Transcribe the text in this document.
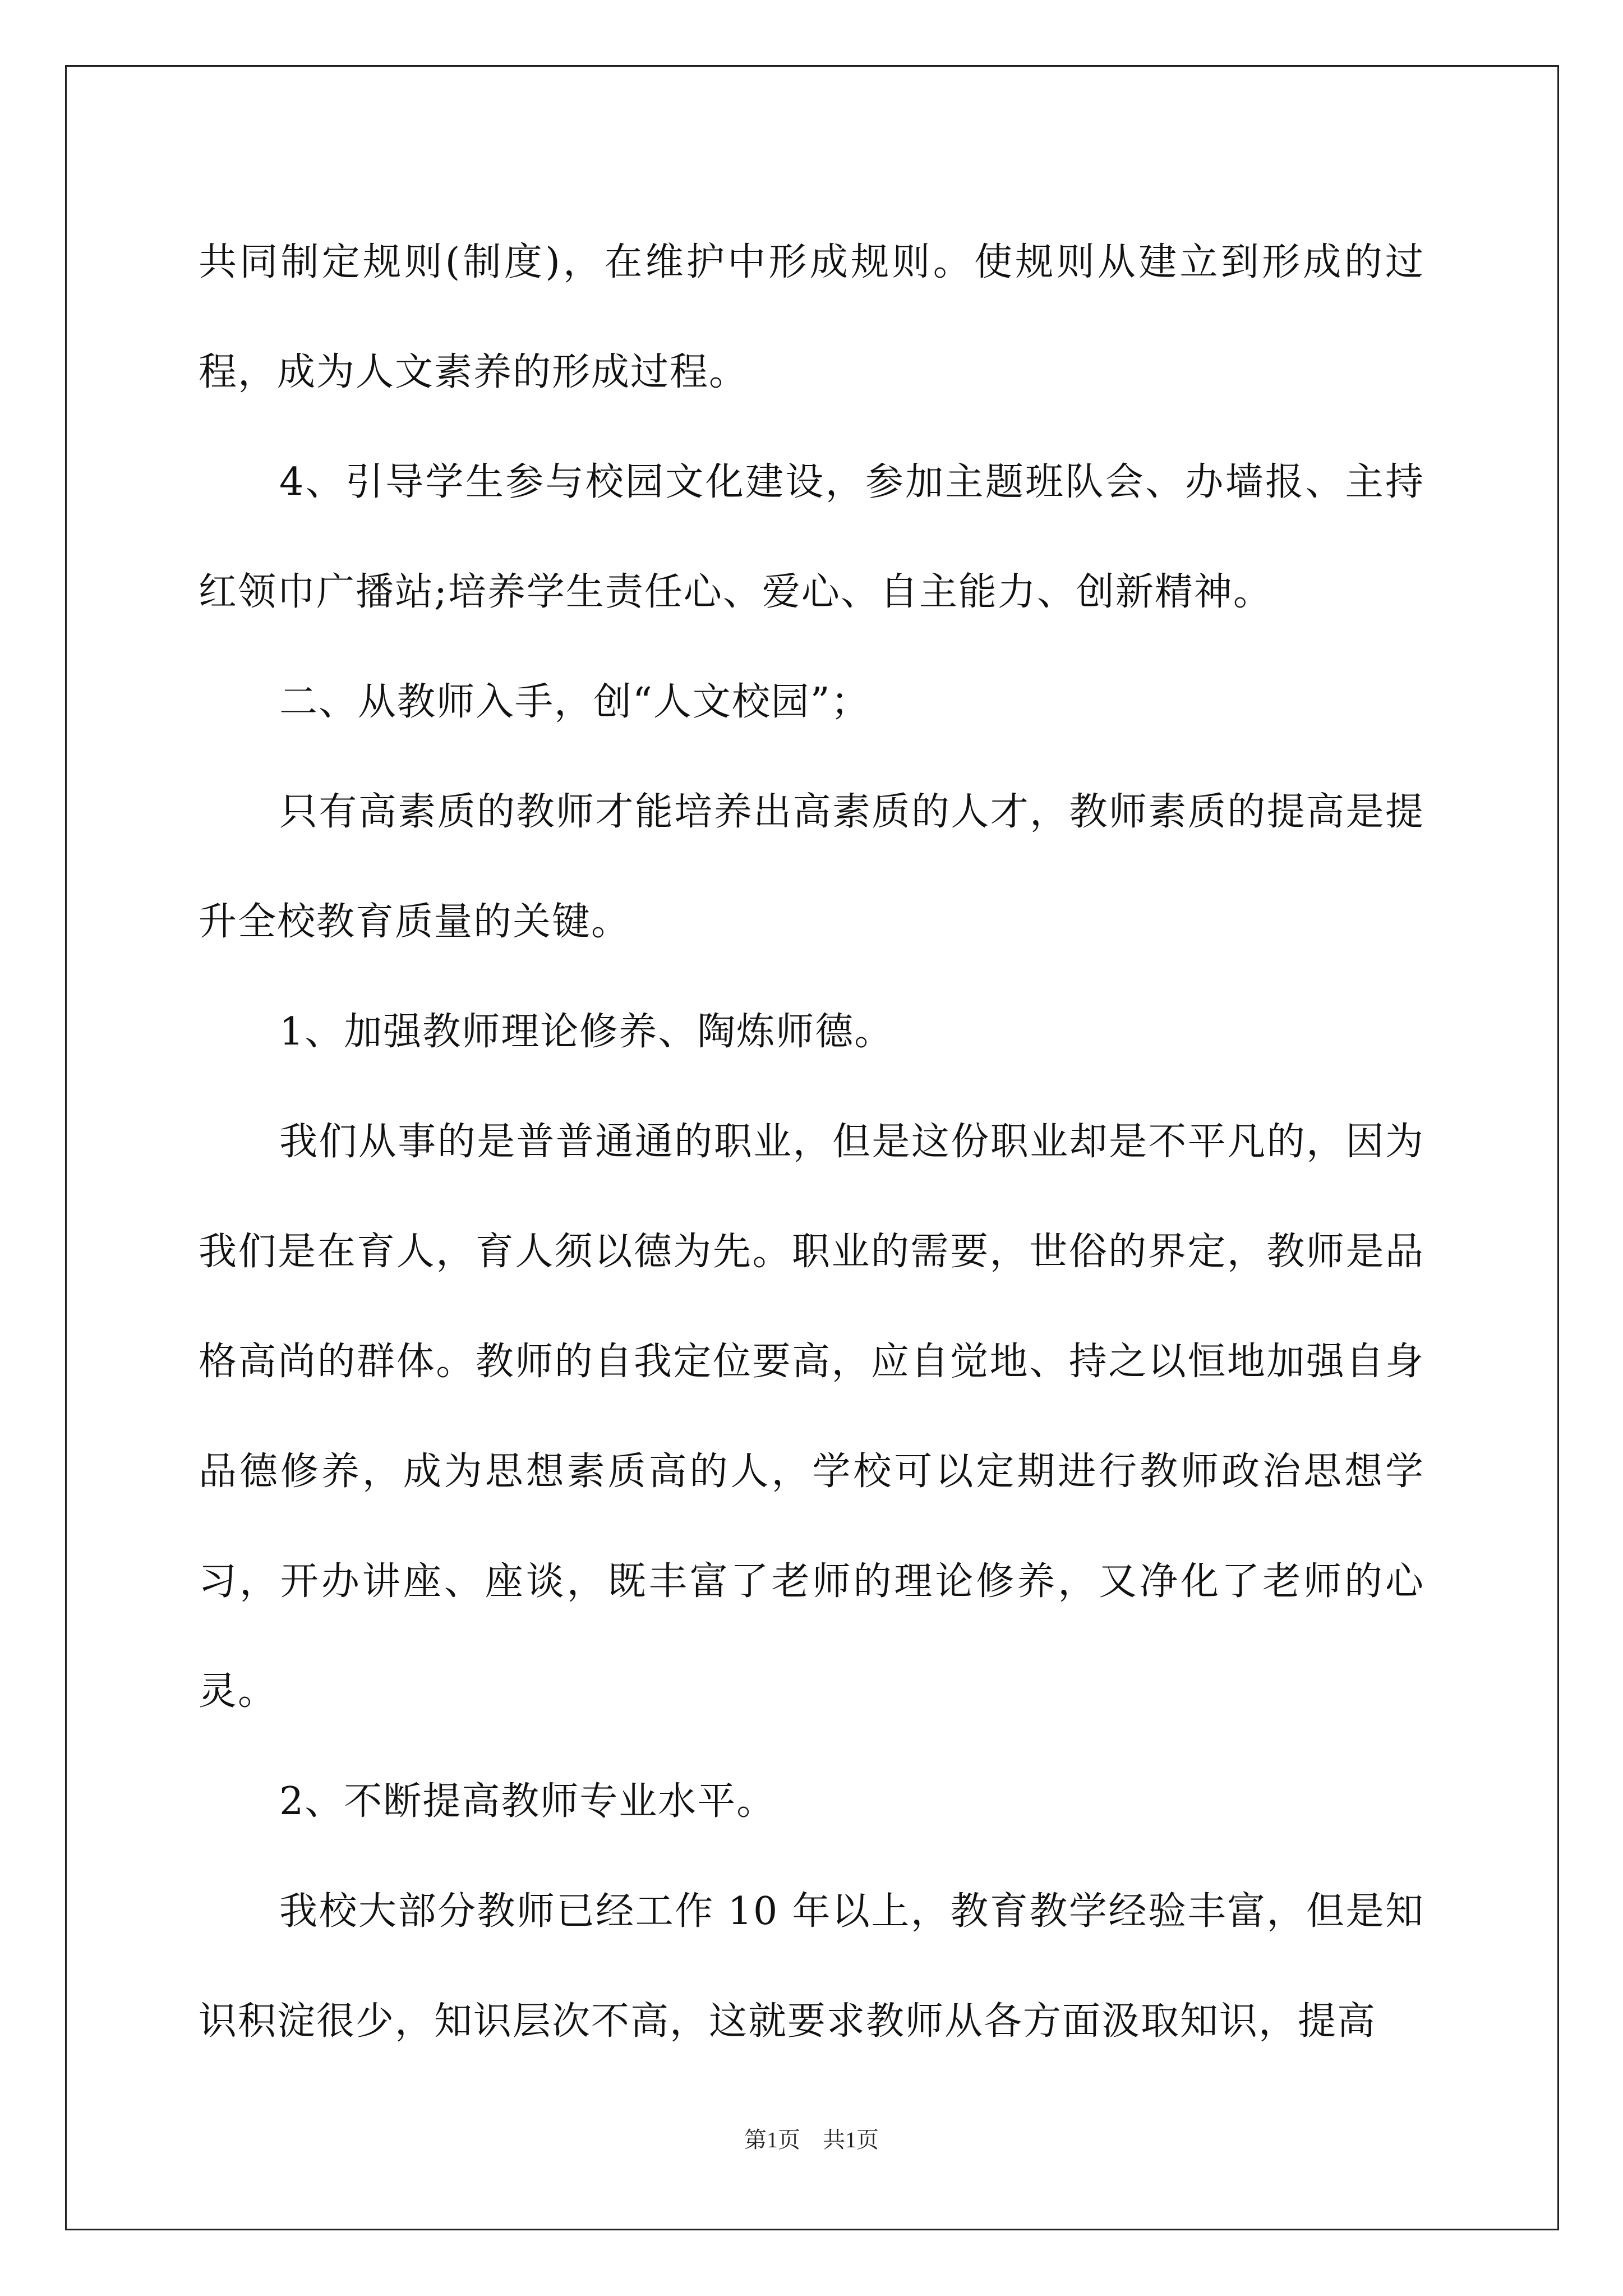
共同制定规则(制度)，在维护中形成规则。使规则从建立到形成的过程，成为人文素养的形成过程。

4、引导学生参与校园文化建设，参加主题班队会、办墙报、主持红领巾广播站;培养学生责任心、爱心、自主能力、创新精神。

二、从教师入手，创“人文校园”；

只有高素质的教师才能培养出高素质的人才，教师素质的提高是提升全校教育质量的关键。

1、加强教师理论修养、陶炼师德。

我们从事的是普普通通的职业，但是这份职业却是不平凡的，因为我们是在育人，育人须以德为先。职业的需要，世俗的界定，教师是品格高尚的群体。教师的自我定位要高，应自觉地、持之以恒地加强自身品德修养，成为思想素质高的人，学校可以定期进行教师政治思想学习，开办讲座、座谈，既丰富了老师的理论修养，又净化了老师的心灵。

2、不断提高教师专业水平。

我校大部分教师已经工作 10 年以上，教育教学经验丰富，但是知识积淀很少，知识层次不高，这就要求教师从各方面汲取知识，提高

第1页　共1页
